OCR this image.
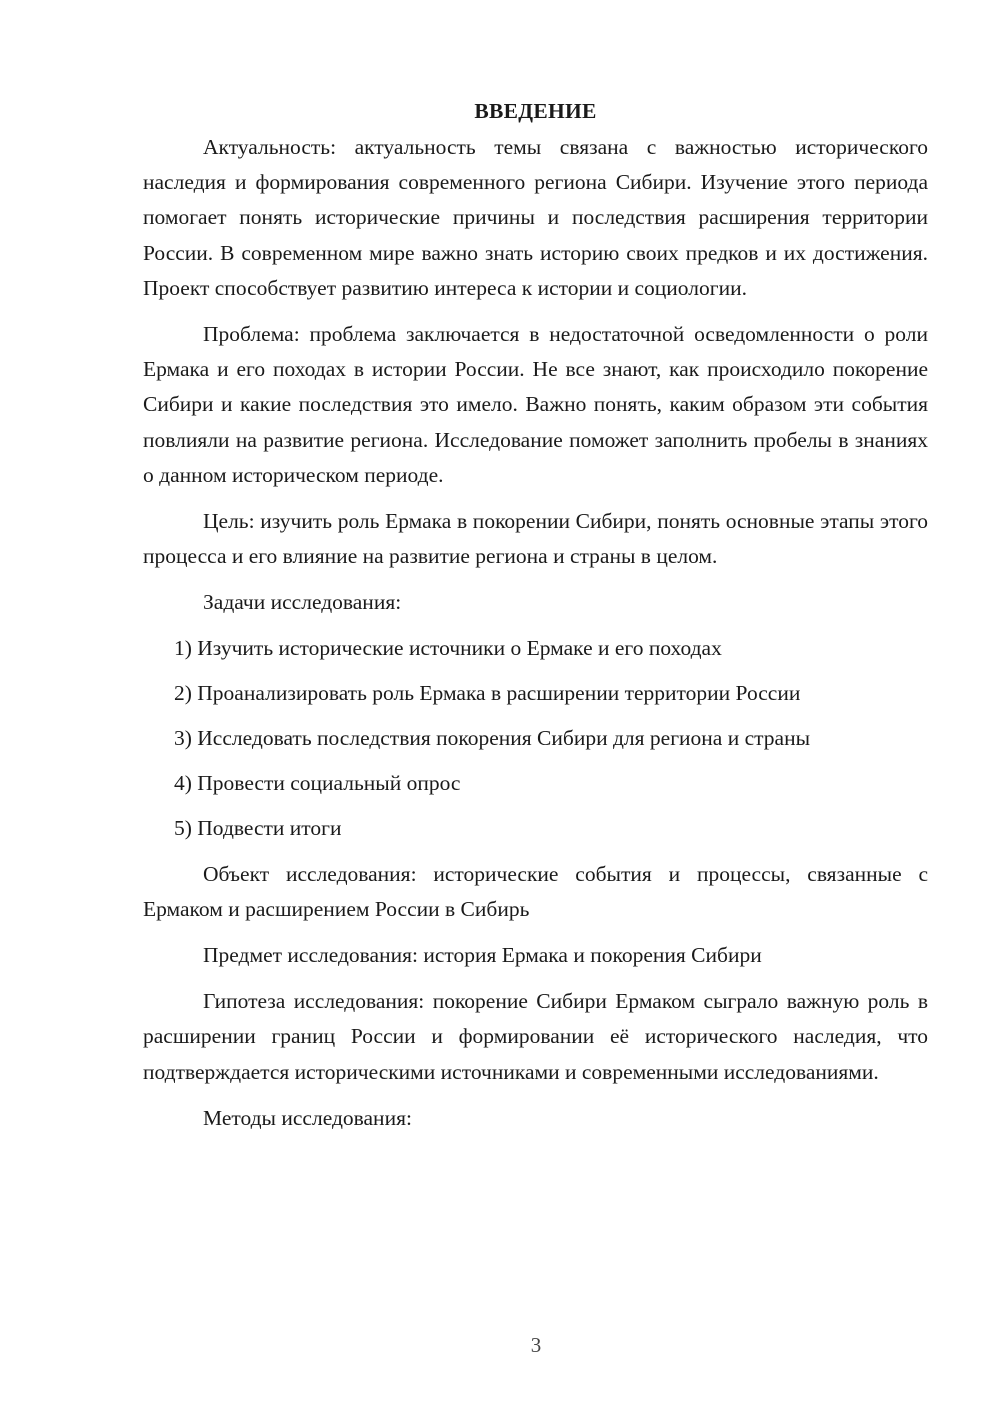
ВВЕДЕНИЕ

Актуальность: актуальность темы связана с важностью исторического наследия и формирования современного региона Сибири. Изучение этого периода помогает понять исторические причины и последствия расширения территории России. В современном мире важно знать историю своих предков и их достижения. Проект способствует развитию интереса к истории и социологии.

Проблема: проблема заключается в недостаточной осведомленности о роли Ермака и его походах в истории России. Не все знают, как происходило покорение Сибири и какие последствия это имело. Важно понять, каким образом эти события повлияли на развитие региона. Исследование поможет заполнить пробелы в знаниях о данном историческом периоде.

Цель: изучить роль Ермака в покорении Сибири, понять основные этапы этого процесса и его влияние на развитие региона и страны в целом.

Задачи исследования:
1) Изучить исторические источники о Ермаке и его походах
2) Проанализировать роль Ермака в расширении территории России
3) Исследовать последствия покорения Сибири для региона и страны
4) Провести социальный опрос
5) Подвести итоги

Объект исследования: исторические события и процессы, связанные с Ермаком и расширением России в Сибирь

Предмет исследования: история Ермака и покорения Сибири

Гипотеза исследования: покорение Сибири Ермаком сыграло важную роль в расширении границ России и формировании её исторического наследия, что подтверждается историческими источниками и современными исследованиями.

Методы исследования:
3
